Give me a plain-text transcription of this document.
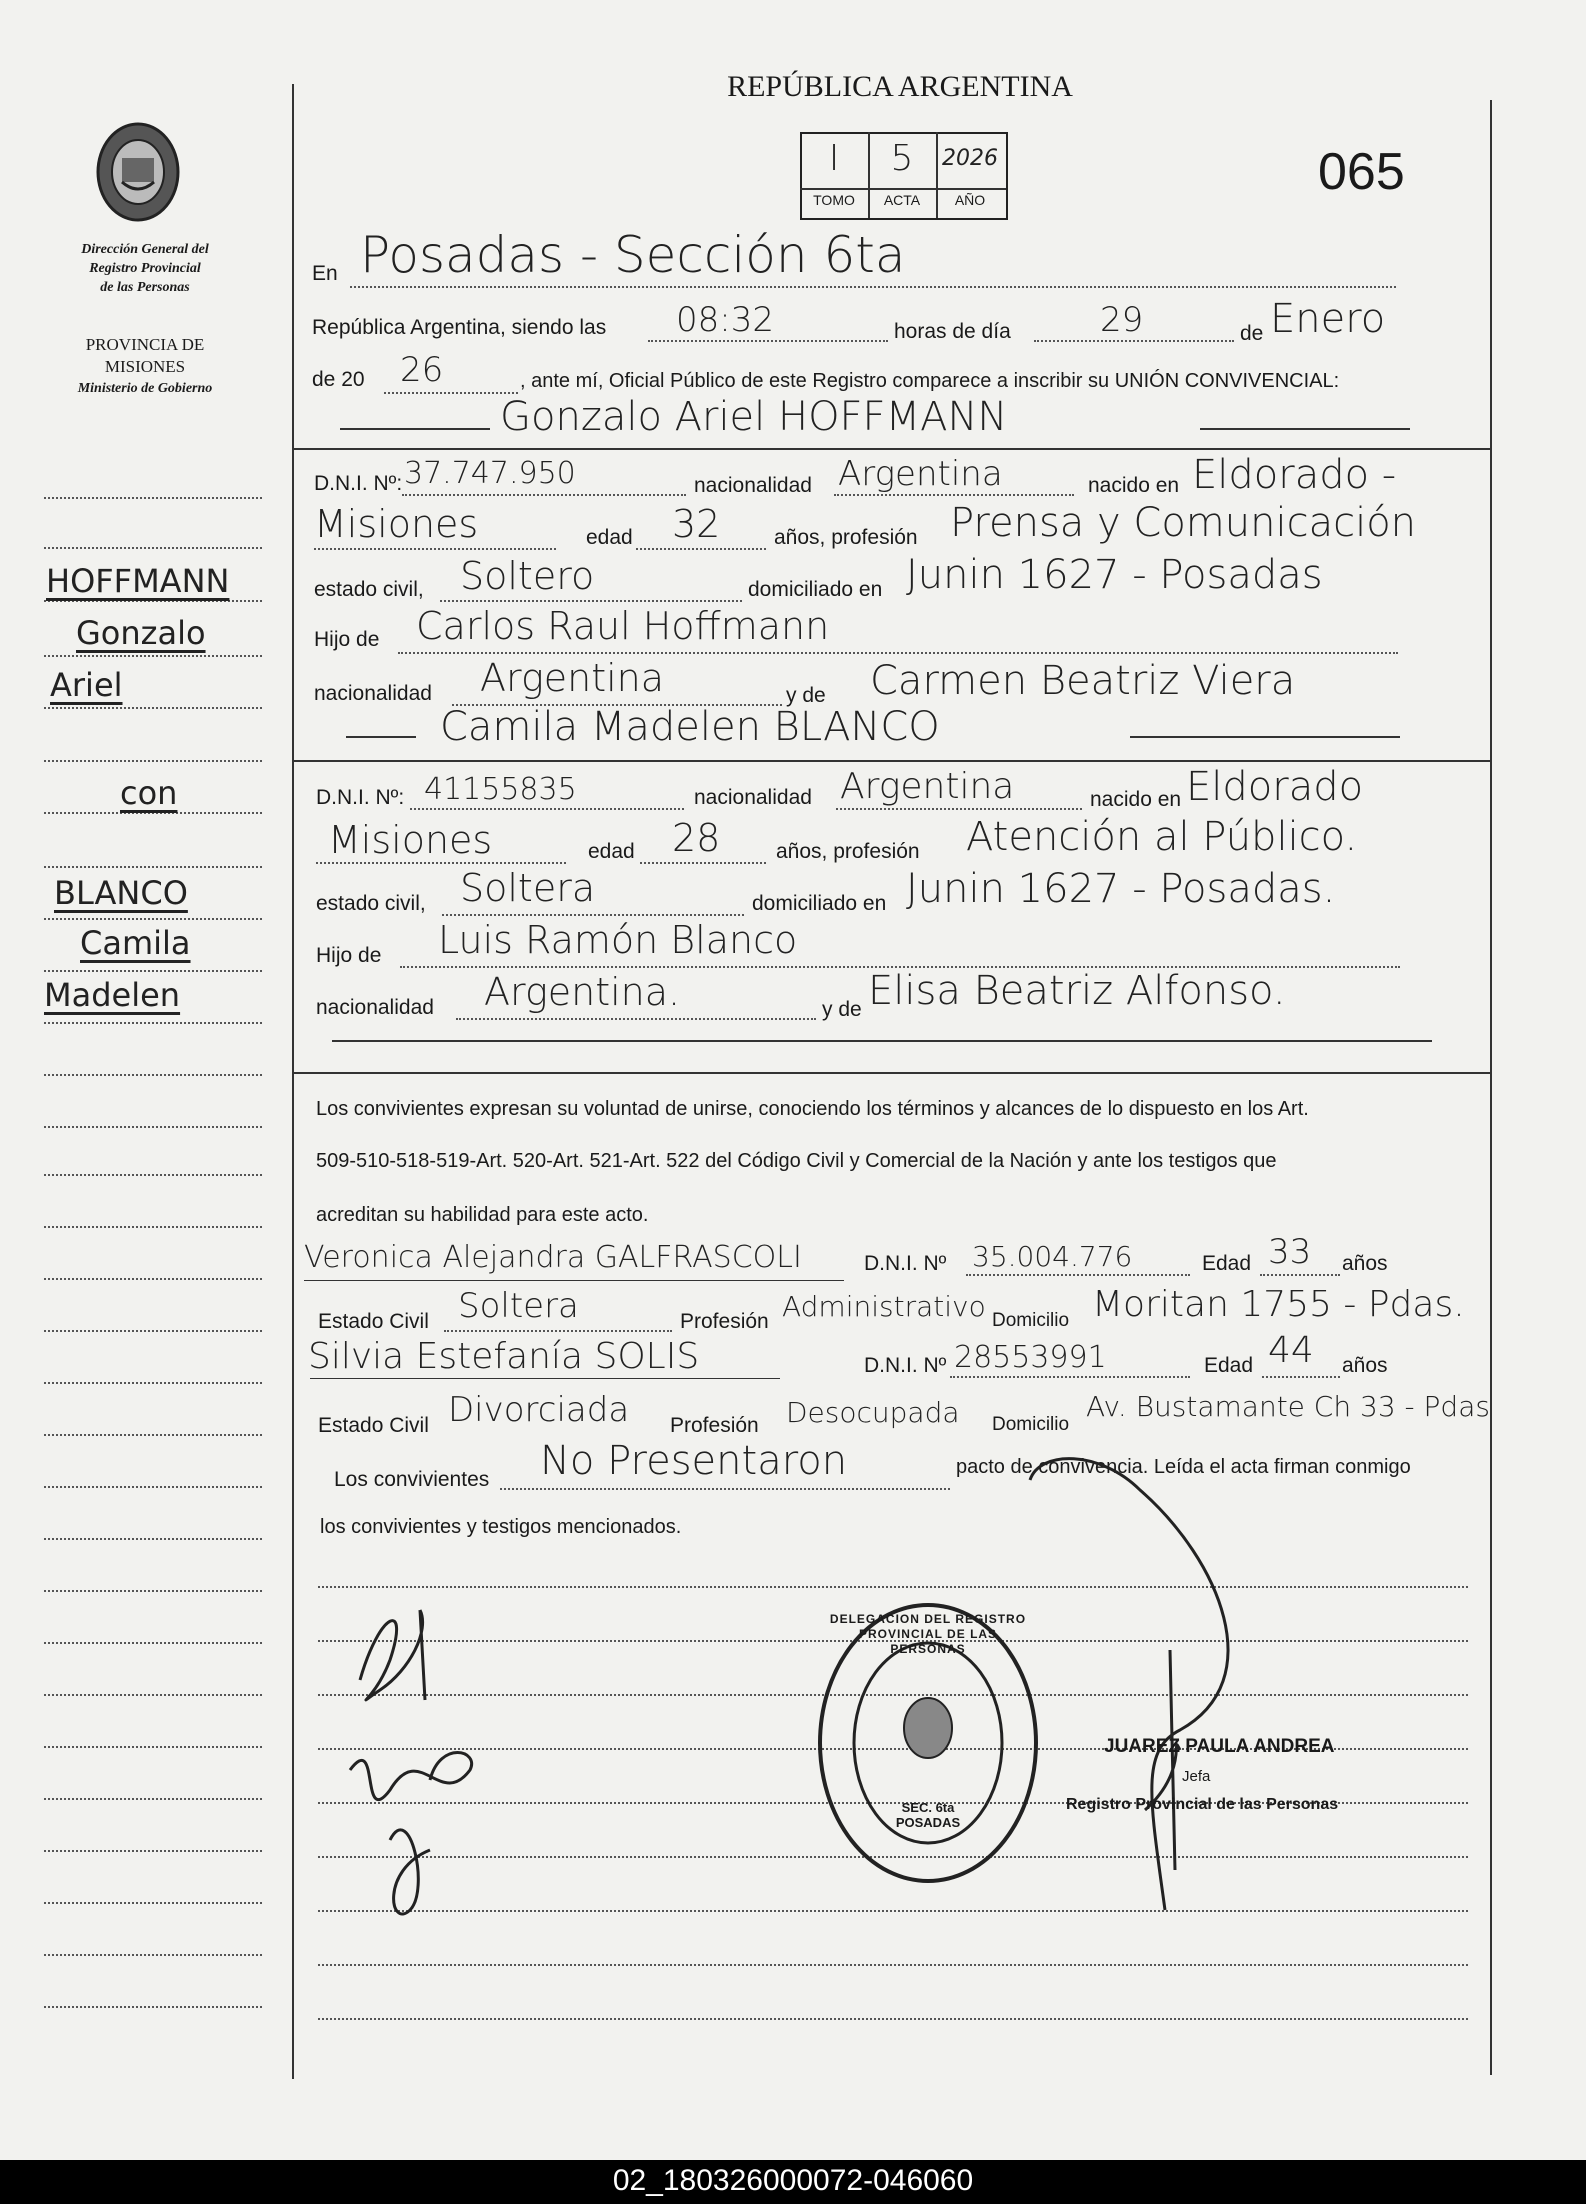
Dirección General del
Registro Provincial
de las Personas
PROVINCIA DE
MISIONES
Ministerio de Gobierno
REPÚBLICA ARGENTINA
065
I	5	2026
TOMO	ACTA	AÑO
HOFFMANN
Gonzalo
Ariel
con
BLANCO
Camila
Madelen
En Posadas - Sección 6ta
República Argentina, siendo las 08:32	horas de día	29	de Enero
de 20 26	, ante mí, Oficial Público de este Registro comparece a inscribir su UNIÓN CONVIVENCIAL:
Gonzalo Ariel HOFFMANN
D.N.I. Nº: 37.747.950	nacionalidad Argentina	nacido en Eldorado -
Misiones	edad 32	años, profesión Prensa y Comunicación
estado civil, Soltero	domiciliado en Junin 1627 - Posadas
Hijo de Carlos Raul Hoffmann
nacionalidad Argentina	y de Carmen Beatriz Viera
Camila Madelen BLANCO
D.N.I. Nº: 41155835	nacionalidad Argentina	nacido en Eldorado
Misiones	edad 28	años, profesión Atención al Público.
estado civil, Soltera	domiciliado en Junin 1627 - Posadas.
Hijo de Luis Ramón Blanco
nacionalidad Argentina.	y de Elisa Beatriz Alfonso.
Los convivientes expresan su voluntad de unirse, conociendo los términos y alcances de lo dispuesto en los Art.
509-510-518-519-Art. 520-Art. 521-Art. 522 del Código Civil y Comercial de la Nación y ante los testigos que
acreditan su habilidad para este acto.
Veronica Alejandra GALFRASCOLI	D.N.I. Nº 35.004.776	Edad 33 años
Estado Civil Soltera	Profesión Administrativo Domicilio Moritan 1755 - Pdas.
Silvia Estefanía SOLIS	D.N.I. Nº 28553991	Edad 44 años
Estado Civil Divorciada Profesión Desocupada Domicilio
Av. Bustamante Ch 33 - Pdas
Los convivientes No Presentaron	pacto de convivencia. Leída el acta firman conmigo
los convivientes y testigos mencionados.
DELEGACION DEL REGISTRO PROVINCIAL DE LAS PERSONAS
SEC. 6ta POSADAS
JUAREZ PAULA ANDREA
Jefa
Registro Provincial de las Personas
02_180326000072-046060
